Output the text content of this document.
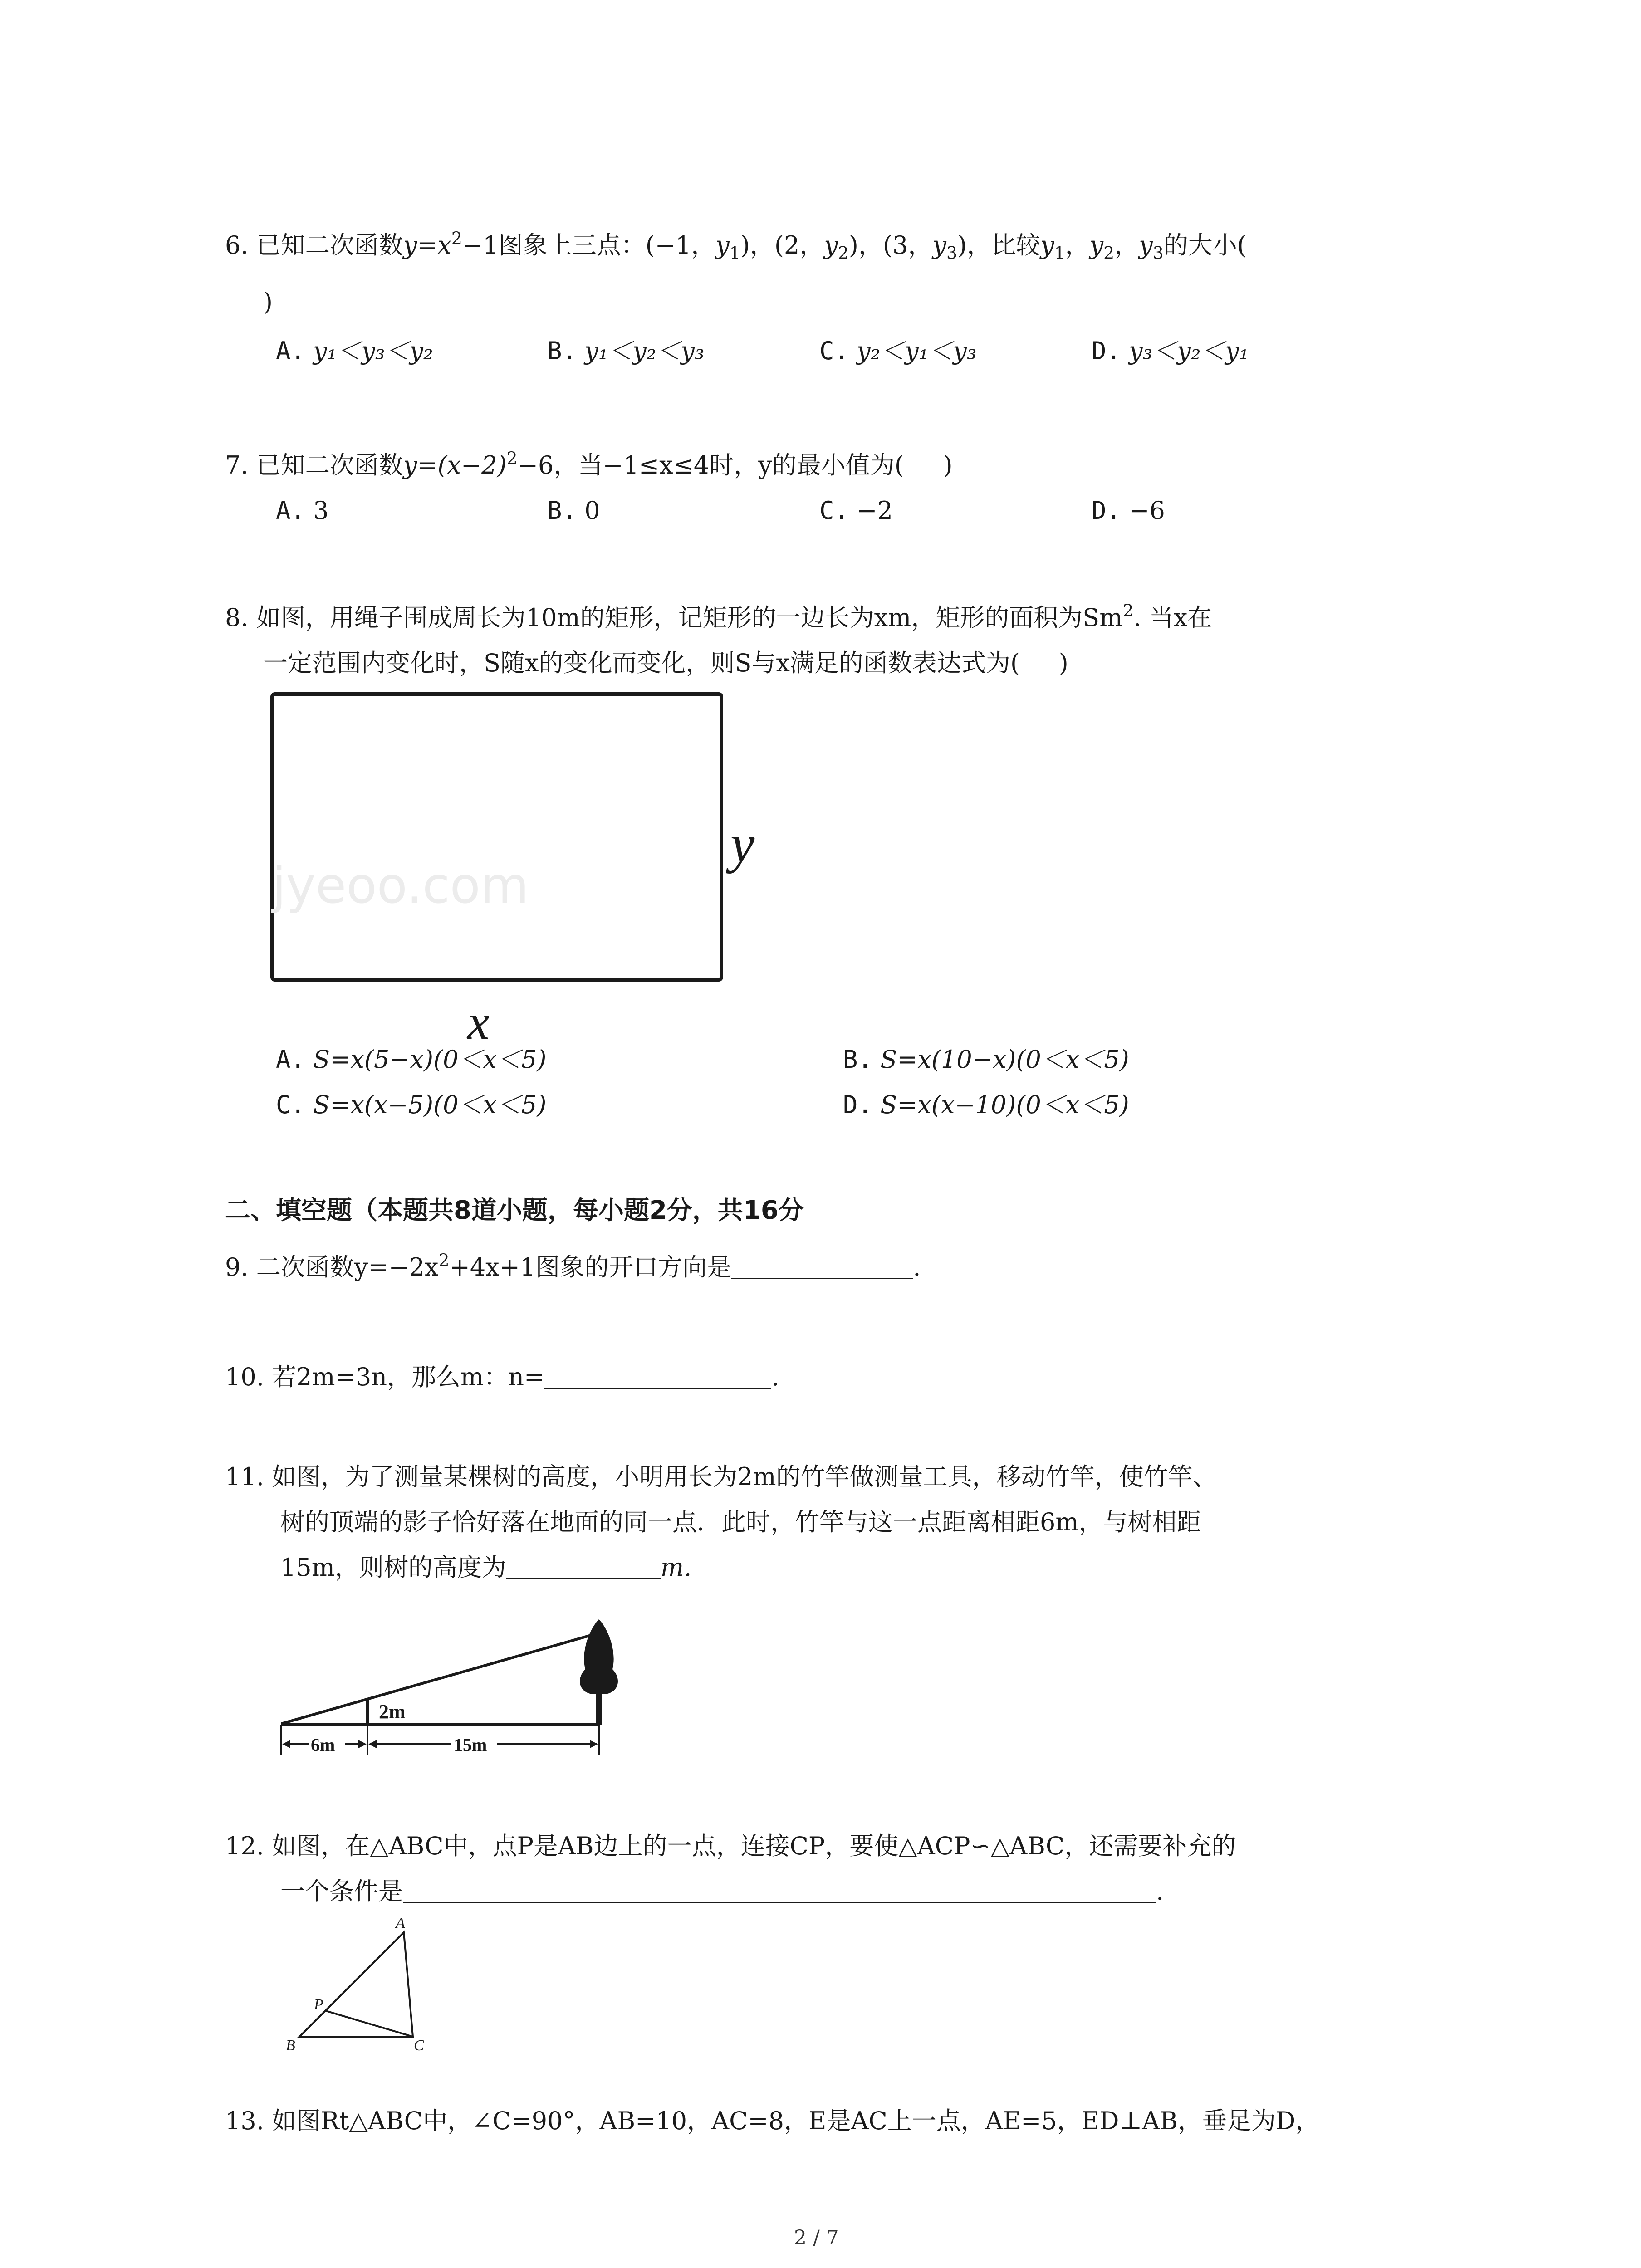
6. 已知二次函数$y=x^2-1$图象上三点：(−1，$y_1$)，(2，$y_2$)，(3，$y_3$)，比较$y_1$，$y_2$，$y_3$的大小(
)
A. y₁＜y₃＜y₂	B. y₁＜y₂＜y₃	C. y₂＜y₁＜y₃	D. y₃＜y₂＜y₁
7. 已知二次函数$y=(x-2)^2-6$，当−1≤x≤4时，y的最小值为( )
A. 3	B. 0	C. −2	D. −6
8. 如图，用绳子围成周长为10m的矩形，记矩形的一边长为xm，矩形的面积为Sm$^2$. 当x在
一定范围内变化时，S随x的变化而变化，则S与x满足的函数表达式为( )
jyeoo.com
y
x
A. S=x(5−x)(0＜x＜5)	B. S=x(10−x)(0＜x＜5)
C. S=x(x−5)(0＜x＜5)	D. S=x(x−10)(0＜x＜5)
二、填空题（本题共8道小题，每小题2分，共16分
9. 二次函数$y=-2x^2+4x+1$图象的开口方向是	.
10. 若2m=3n，那么m：n=	.
11. 如图，为了测量某棵树的高度，小明用长为2m的竹竿做测量工具，移动竹竿，使竹竿、
树的顶端的影子恰好落在地面的同一点．此时，竹竿与这一点距离相距6m，与树相距
15m，则树的高度为	m.
2m
6m	15m
12. 如图，在△ABC中，点P是AB边上的一点，连接CP，要使△ACP∽△ABC，还需要补充的
一个条件是	.
A
B	C
P
13. 如图Rt△ABC中，∠C=90°，AB=10，AC=8，E是AC上一点，AE=5，ED⊥AB，垂足为D，
2 / 7
